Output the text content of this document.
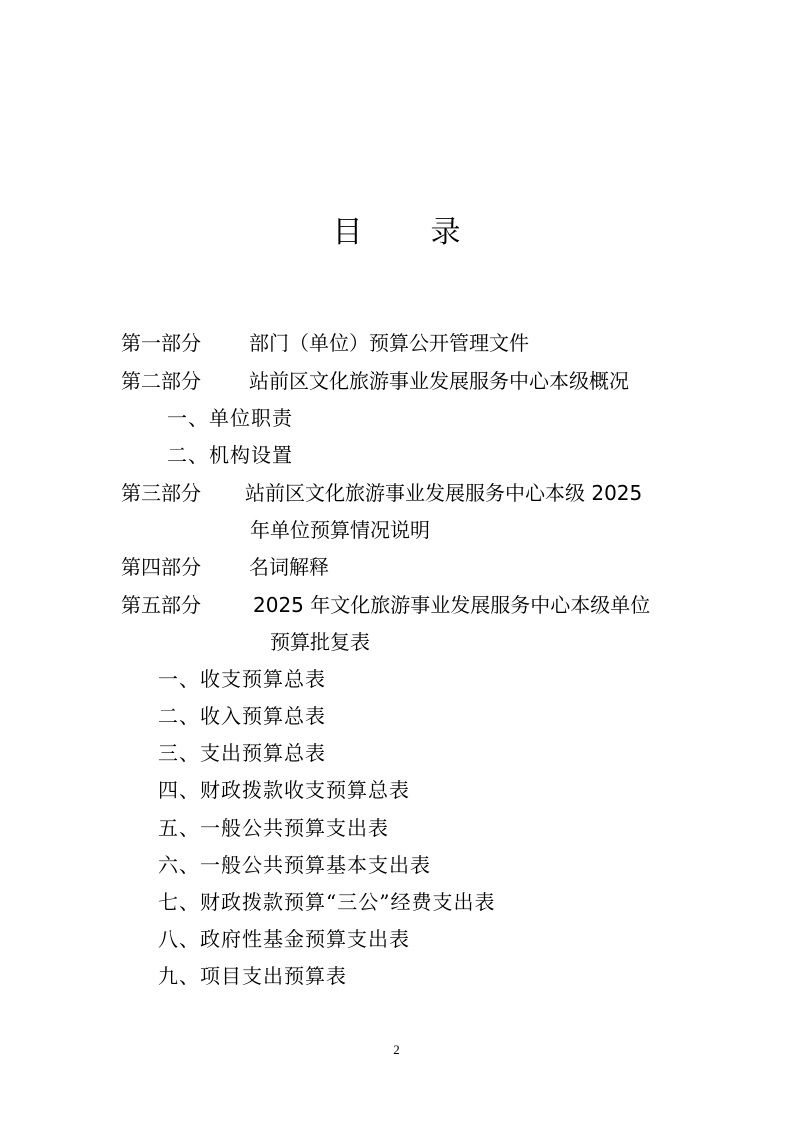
目 录
第一部分 部门（单位）预算公开管理文件
第二部分 站前区文化旅游事业发展服务中心本级概况
一、单位职责
二、机构设置
第三部分 站前区文化旅游事业发展服务中心本级 2025
年单位预算情况说明
第四部分 名词解释
第五部分	2025 年文化旅游事业发展服务中心本级单位
预算批复表
一、收支预算总表
二、收入预算总表
三、支出预算总表
四、财政拨款收支预算总表
五、一般公共预算支出表
六、一般公共预算基本支出表
七、财政拨款预算“三公”经费支出表
八、政府性基金预算支出表
九、项目支出预算表
2
